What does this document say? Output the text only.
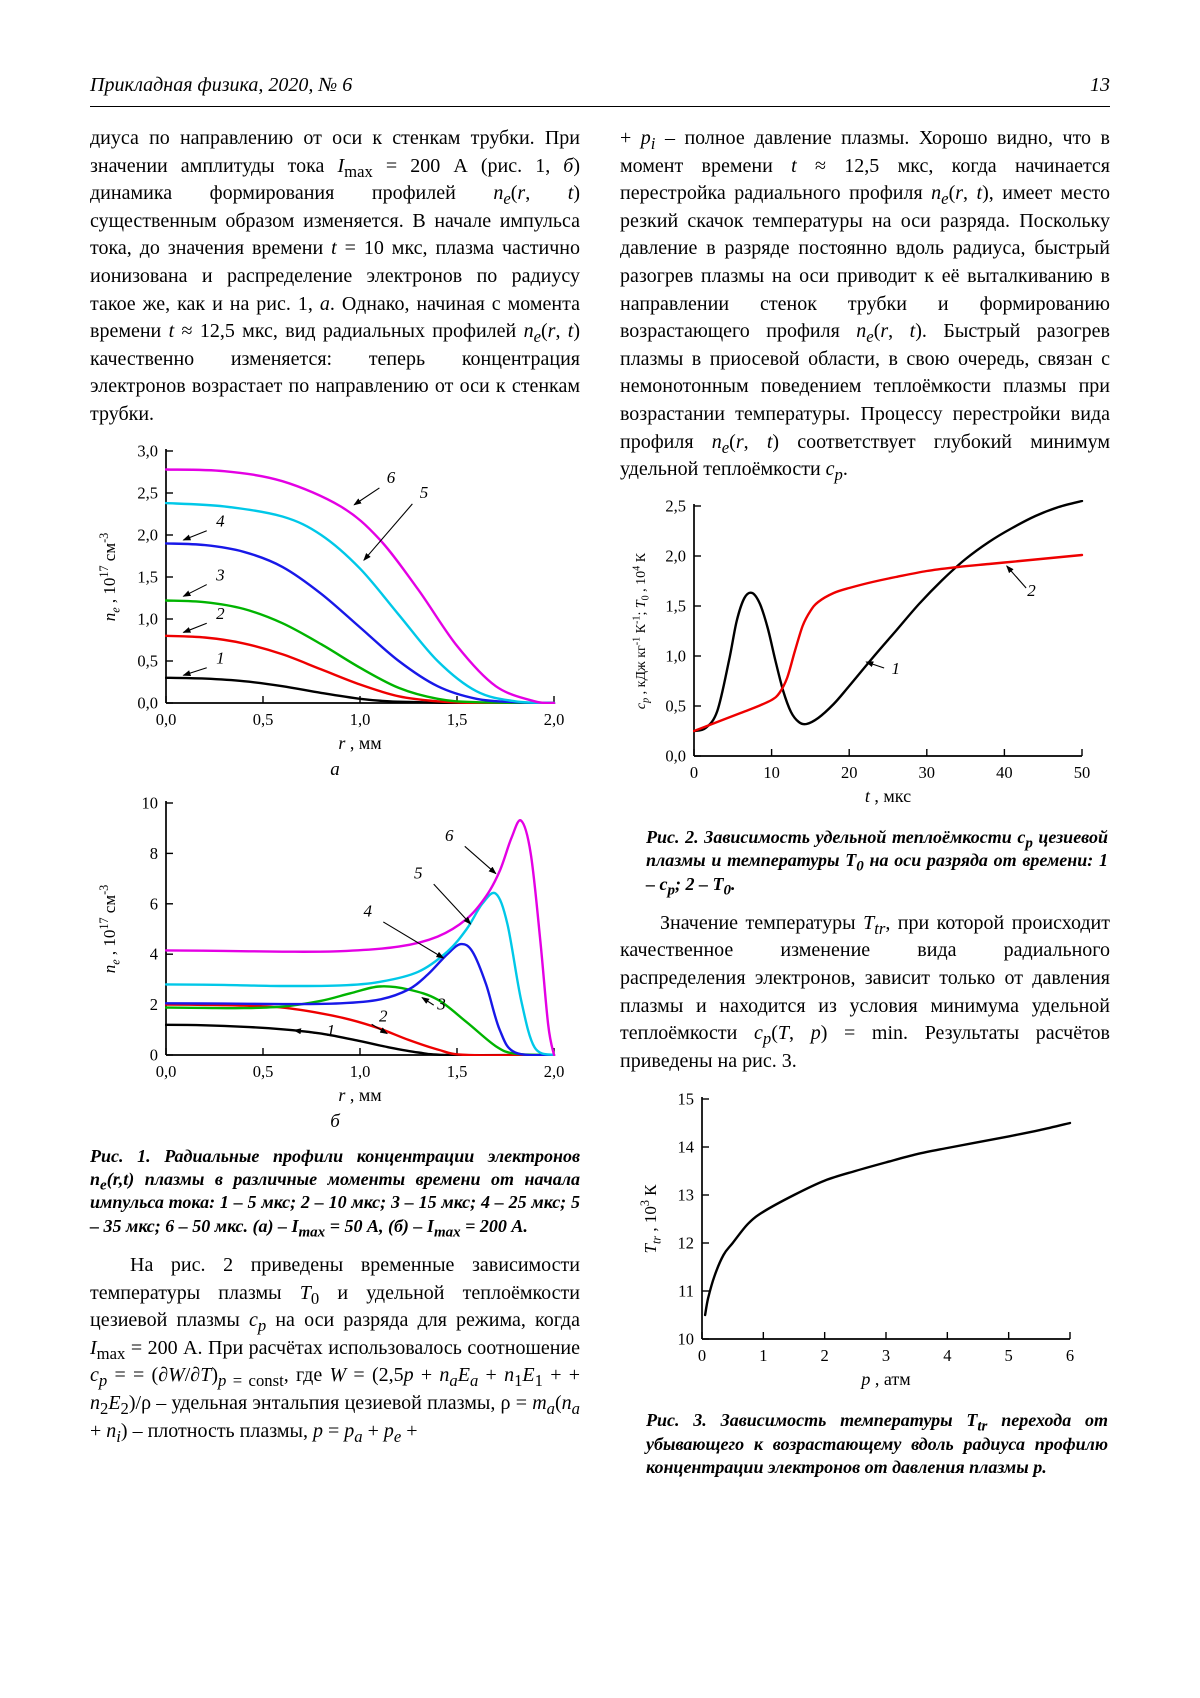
Прикладная физика, 2020, № 6	13

диуса по направлению от оси к стенкам трубки. При значении амплитуды тока $I_{max} = 200$ А (рис. 1, б) динамика формирования профилей $n_e(r$, t) существенным образом изменяется. В начале импульса тока, до значения времени t = 10 мкс, плазма частично ионизована и распределение электронов по радиусу такое же, как и на рис. 1, а. Однако, начиная с момента времени t ≈ 12,5 мкс, вид радиальных профилей $n_e(r$, t) качественно изменяется: теперь концентрация электронов возрастает по направлению от оси к стенкам трубки.

0,0	0,5	1,0	1,5	2,0
0,0
0,5
1,0
1,5
2,0
2,5
3,0
1
2
3
4
5
6
r , мм
$n_e$ , $10^{17}$ $см^{-3}$
а
0,0	0,5	1,0	1,5	2,0
0
2
4
6
8
10
1
2
3
4
5
6
r , мм
$n_e$ , $10^{17}$ $см^{-3}$
б

Рис. 1. Радиальные профили концентрации электронов $n_e(r,t)$ плазмы в различные моменты времени от начала импульса тока: 1 – 5 мкс; 2 – 10 мкс; 3 – 15 мкс; 4 – 25 мкс; 5 – 35 мкс; 6 – 50 мкс. $(а) - I_{max} = 50$ А, $(б) - I_{max} = 200$ А.

На рис. 2 приведены временные зависимости температуры плазмы $T_0$ и удельной теплоёмкости цезиевой плазмы $c_p$ на оси разряда для режима, когда $I_{max} = 200$ А. При расчётах использовалось соотношение $c_p$ = = $(\partial W/\partial T)_{p = const}$, где $W = (2,5p + n_aE_a + n_1E_1$ + + $n_2E_2)/\rho$ – удельная энтальпия цезиевой плазмы, $\rho = m_a(n_a + n_i)$ – плотность плазмы, $p = p_a + p_e$ +

+ $p_i$ – полное давление плазмы. Хорошо видно, что в момент времени t ≈ 12,5 мкс, когда начинается перестройка радиального профиля $n_e(r$, t), имеет место резкий скачок температуры на оси разряда. Поскольку давление в разряде постоянно вдоль радиуса, быстрый разогрев плазмы на оси приводит к её выталкиванию в направлении стенок трубки и формированию возрастающего профиля $n_e(r$, t). Быстрый разогрев плазмы в приосевой области, в свою очередь, связан с немонотонным поведением теплоёмкости плазмы при возрастании температуры. Процессу перестройки вида профиля $n_e(r$, t) соответствует глубокий минимум удельной теплоёмкости $c_p$.

0	10	20	30	40	50
0,0
0,5
1,0
1,5
2,0
2,5
1
2
t , мкс
$c_p$ , кДж $кг^{-1}$ $К^{-1}$; $T_0$ , $10^4$ К

Рис. 2. Зависимость удельной теплоёмкости $c_p$ цезиевой плазмы и температуры $T_0$ на оси разряда от времени: $1 - c_p$; $2 - T_0$.

Значение температуры $T_{tr}$, при которой происходит качественное изменение вида радиального распределения электронов, зависит только от давления плазмы и находится из условия минимума удельной теплоёмкости $c_p(T$, p) = min. Результаты расчётов приведены на рис. 3.

0	1	2	3	4	5	6
10
11
12
13
14
15
p , атм
$T_{tr}$ , $10^3$ К

Рис. 3. Зависимость температуры $T_{tr}$ перехода от убывающего к возрастающему вдоль радиуса профилю концентрации электронов от давления плазмы p.
